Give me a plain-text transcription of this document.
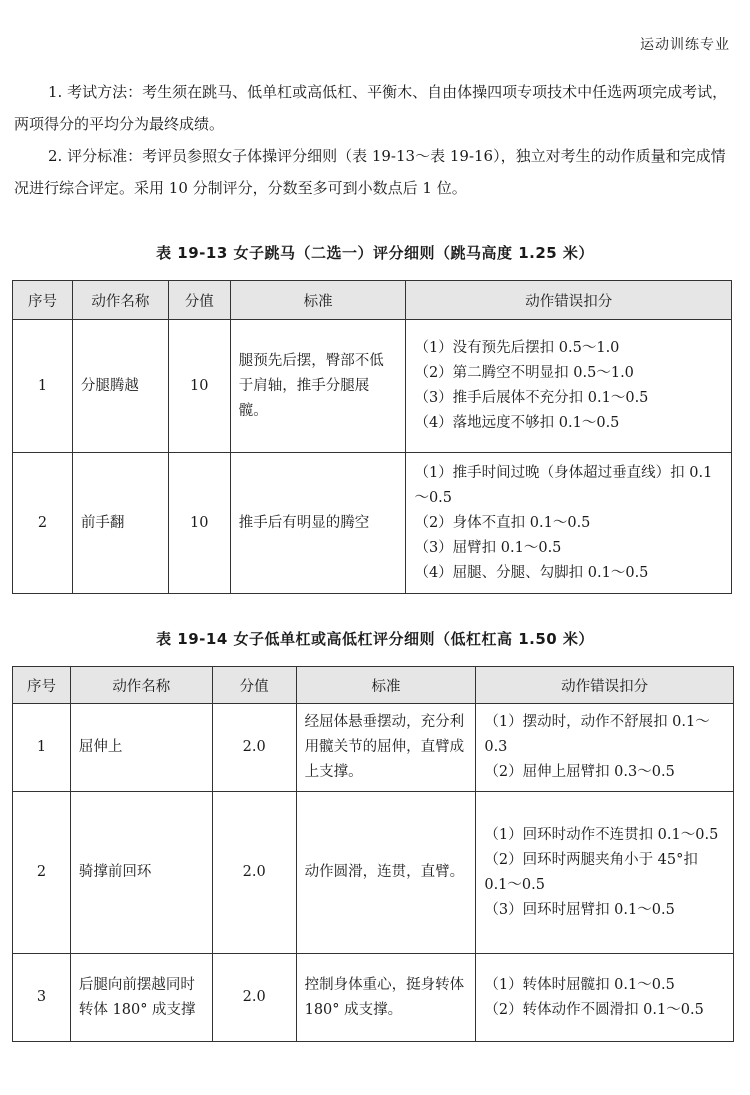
运动训练专业
1. 考试方法：考生须在跳马、低单杠或高低杠、平衡木、自由体操四项专项技术中任选两项完成考试，两项得分的平均分为最终成绩。
2. 评分标准：考评员参照女子体操评分细则（表 19-13～表 19-16），独立对考生的动作质量和完成情况进行综合评定。采用 10 分制评分，分数至多可到小数点后 1 位。
表 19-13 女子跳马（二选一）评分细则（跳马高度 1.25 米）
序号	动作名称	分值	标准	动作错误扣分
1	分腿腾越	10	腿预先后摆，臀部不低于肩轴，推手分腿展髋。	（1）没有预先后摆扣 0.5～1.0
（2）第二腾空不明显扣 0.5～1.0
（3）推手后展体不充分扣 0.1～0.5
（4）落地远度不够扣 0.1～0.5

2	前手翻	10	推手后有明显的腾空	（1）推手时间过晚（身体超过垂直线）扣 0.1～0.5
（2）身体不直扣 0.1～0.5
（3）屈臂扣 0.1～0.5
（4）屈腿、分腿、勾脚扣 0.1～0.5
表 19-14 女子低单杠或高低杠评分细则（低杠杠高 1.50 米）
序号	动作名称	分值	标准	动作错误扣分
1	屈伸上	2.0	经屈体悬垂摆动，充分利用髋关节的屈伸，直臂成上支撑。	（1）摆动时，动作不舒展扣 0.1～0.3
（2）屈伸上屈臂扣 0.3～0.5

2	骑撑前回环	2.0	动作圆滑，连贯，直臂。	（1）回环时动作不连贯扣 0.1～0.5
（2）回环时两腿夹角小于 45°扣 0.1～0.5
（3）回环时屈臂扣 0.1～0.5

3	后腿向前摆越同时转体 180° 成支撑	2.0	控制身体重心，挺身转体 180° 成支撑。	（1）转体时屈髋扣 0.1～0.5
（2）转体动作不圆滑扣 0.1～0.5
